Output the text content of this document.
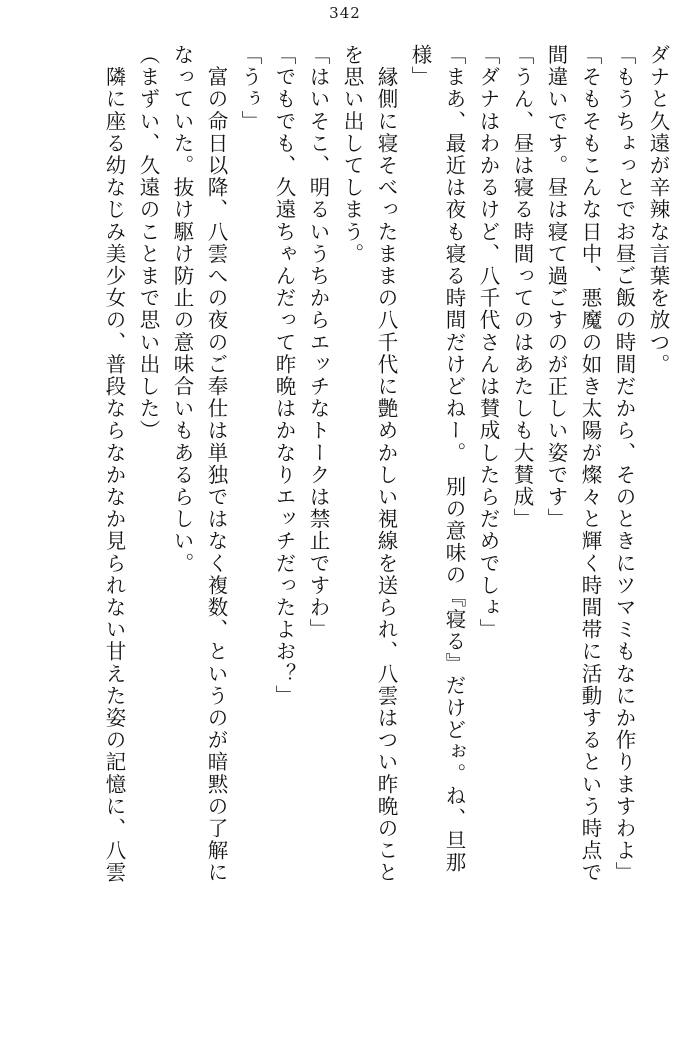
342
ダナと久遠が辛辣な言葉を放つ。
「もうちょっとでお昼ご飯の時間だから、そのときにツマミもなにか作りますわよ」
「そもそもこんな日中、悪魔の如き太陽が燦々と輝く時間帯に活動するという時点で
間違いです。昼は寝て過ごすのが正しい姿です」
「うん、昼は寝る時間ってのはあたしも大賛成」
「ダナはわかるけど、八千代さんは賛成したらだめでしょ」
「まあ、最近は夜も寝る時間だけどねー。　別の意味の『寝る』だけどぉ。ね、旦那
様」
　縁側に寝そべったままの八千代に艶めかしい視線を送られ、八雲はつい昨晩のこと
を思い出してしまう。
「はいそこ、明るいうちからエッチなトークは禁止ですわ」
「でもでも、久遠ちゃんだって昨晩はかなりエッチだったよお？」
「うぅ」
　富の命日以降、八雲への夜のご奉仕は単独ではなく複数、というのが暗黙の了解に
なっていた。抜け駆け防止の意味合いもあるらしい。
（まずい、久遠のことまで思い出した）
　隣に座る幼なじみ美少女の、普段ならなかなか見られない甘えた姿の記憶に、八雲
